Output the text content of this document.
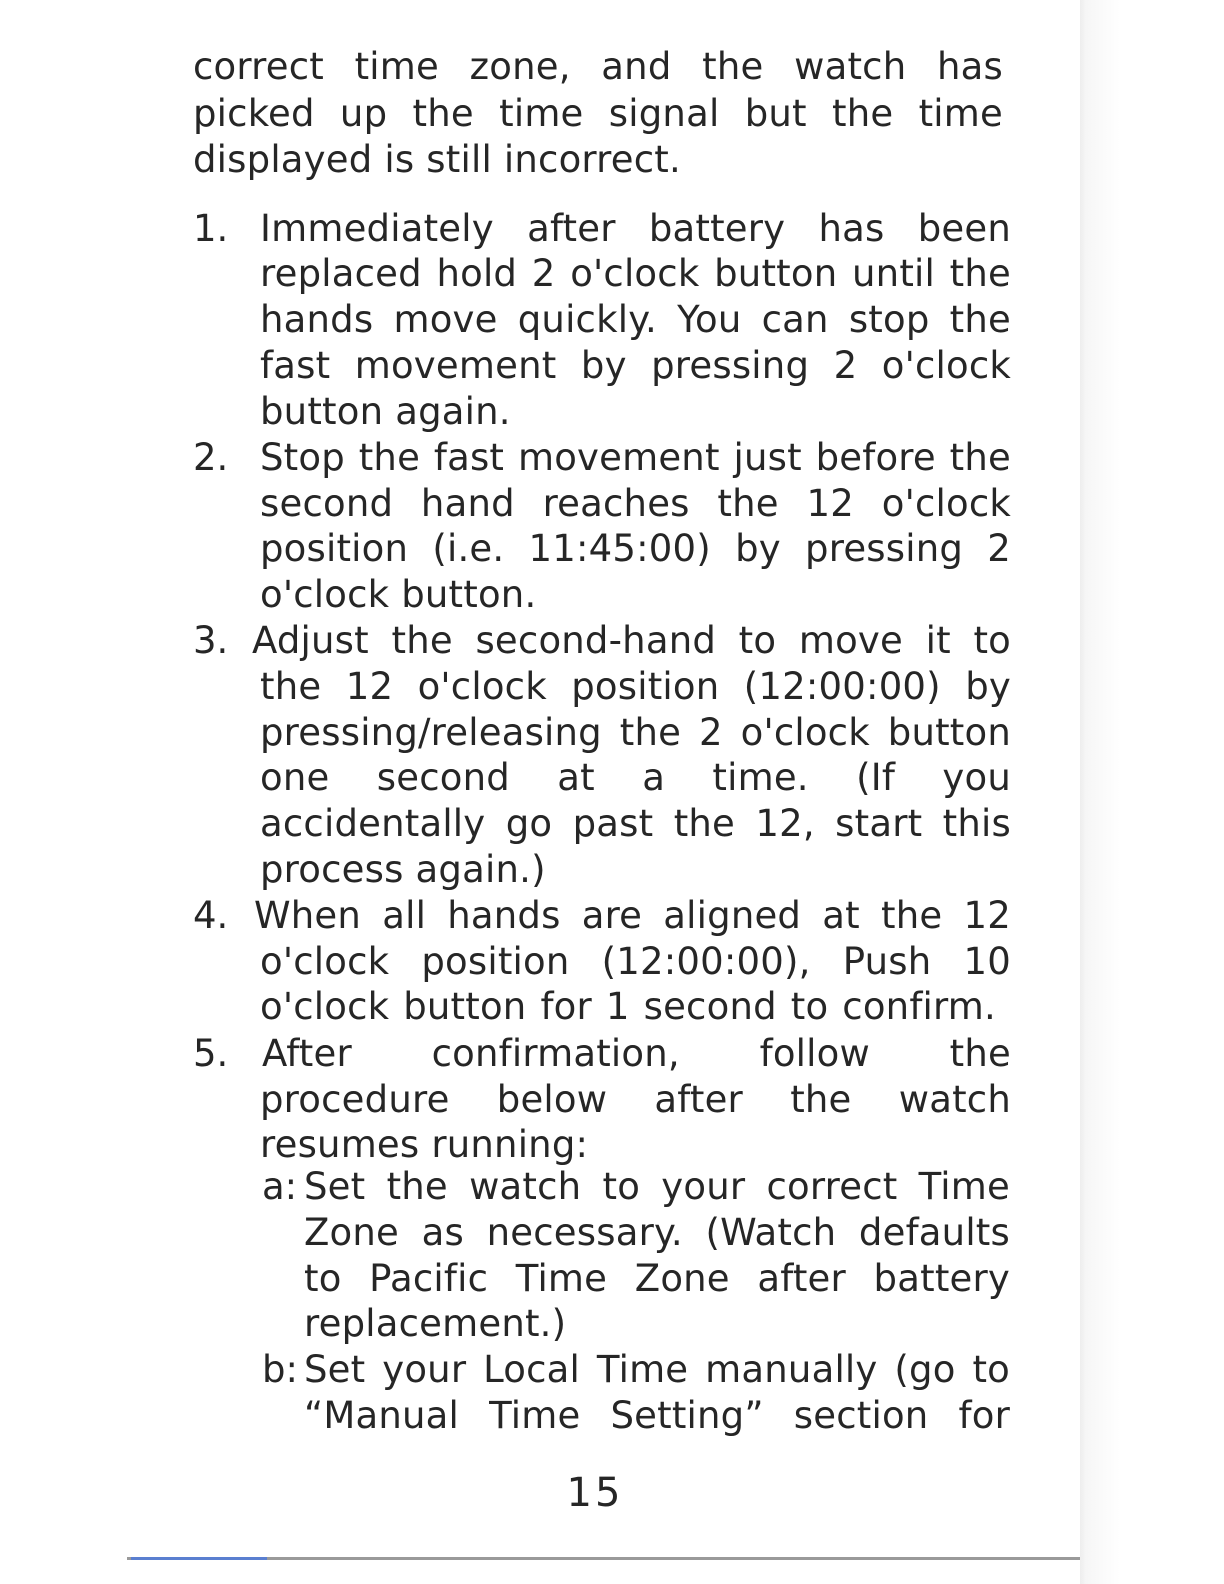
correct time zone, and the watch has

picked up the time signal but the time

displayed is still incorrect.

1. Immediately after battery has been

replaced hold 2 o'clock button until the

hands move quickly. You can stop the

fast movement by pressing 2 o'clock

button again.

2. Stop the fast movement just before the

second hand reaches the 12 o'clock

position (i.e. 11:45:00) by pressing 2

o'clock button.

3. Adjust the second-hand to move it to

the 12 o'clock position (12:00:00) by

pressing/releasing the 2 o'clock button

one second at a time. (If you

accidentally go past the 12, start this

process again.)

4. When all hands are aligned at the 12

o'clock position (12:00:00), Push 10

o'clock button for 1 second to confirm.

5. After confirmation, follow the

procedure below after the watch

resumes running:

a: Set the watch to your correct Time

Zone as necessary. (Watch defaults

to Pacific Time Zone after battery

replacement.)

b: Set your Local Time manually (go to

“Manual Time Setting” section for

15
